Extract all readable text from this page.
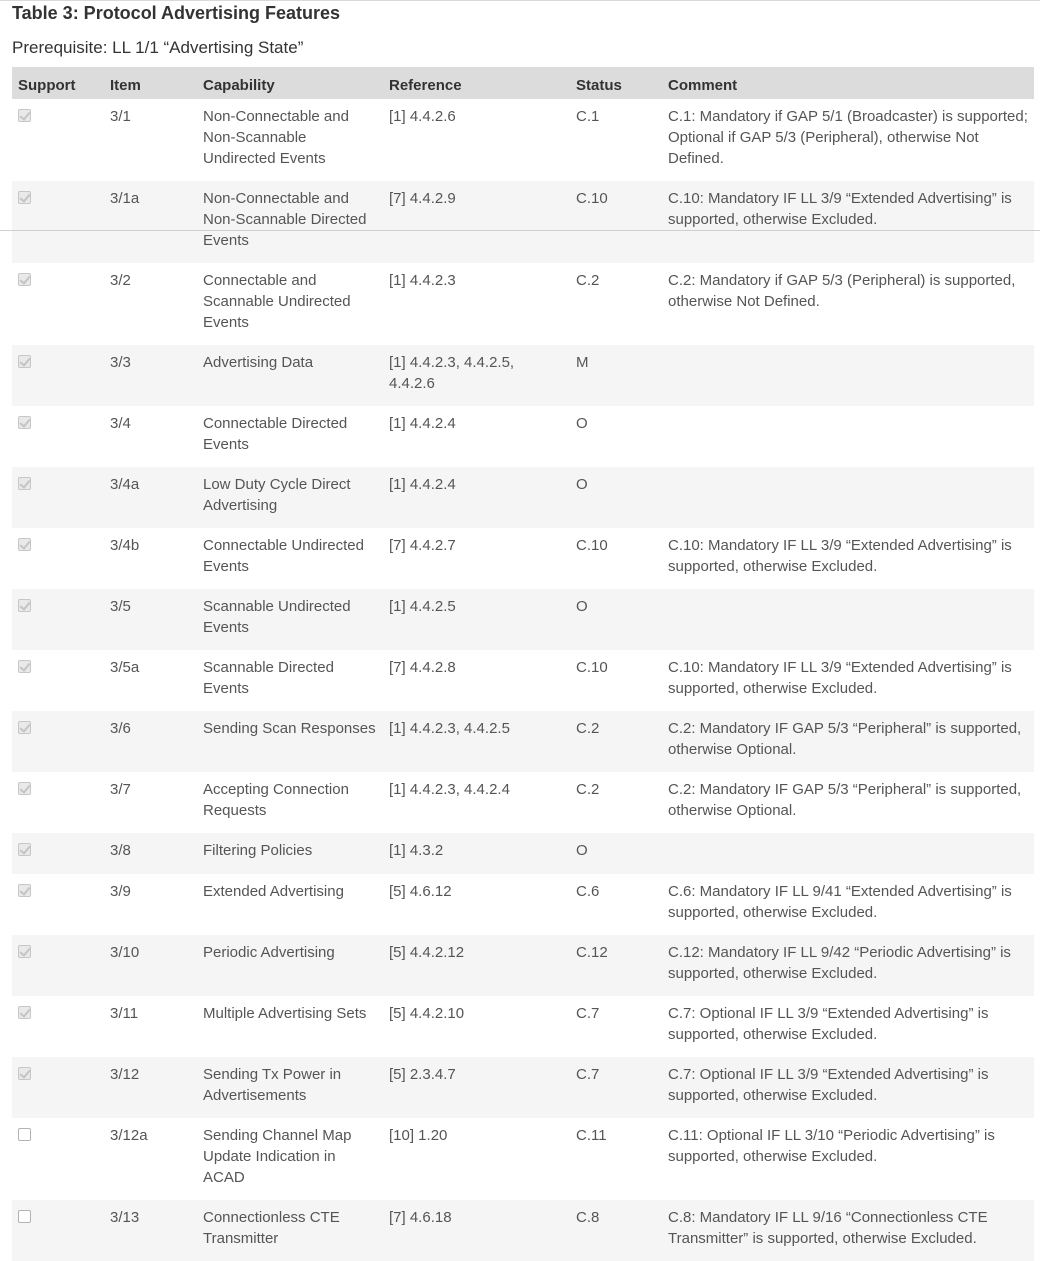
Table 3: Protocol Advertising Features
Prerequisite: LL 1/1 “Advertising State”
Support	Item	Capability	Reference	Status	Comment
	3/1	Non-Connectable and Non-Scannable Undirected Events	[1] 4.4.2.6	C.1	C.1: Mandatory if GAP 5/1 (Broadcaster) is supported; Optional if GAP 5/3 (Peripheral), otherwise Not Defined.
	3/1a	Non-Connectable and Non-Scannable Directed Events	[7] 4.4.2.9	C.10	C.10: Mandatory IF LL 3/9 “Extended Advertising” is supported, otherwise Excluded.
	3/2	Connectable and Scannable Undirected Events	[1] 4.4.2.3	C.2	C.2: Mandatory if GAP 5/3 (Peripheral) is supported, otherwise Not Defined.
	3/3	Advertising Data	[1] 4.4.2.3, 4.4.2.5, 4.4.2.6	M	
	3/4	Connectable Directed Events	[1] 4.4.2.4	O	
	3/4a	Low Duty Cycle Direct Advertising	[1] 4.4.2.4	O	
	3/4b	Connectable Undirected Events	[7] 4.4.2.7	C.10	C.10: Mandatory IF LL 3/9 “Extended Advertising” is supported, otherwise Excluded.
	3/5	Scannable Undirected Events	[1] 4.4.2.5	O	
	3/5a	Scannable Directed Events	[7] 4.4.2.8	C.10	C.10: Mandatory IF LL 3/9 “Extended Advertising” is supported, otherwise Excluded.
	3/6	Sending Scan Responses	[1] 4.4.2.3, 4.4.2.5	C.2	C.2: Mandatory IF GAP 5/3 “Peripheral” is supported, otherwise Optional.
	3/7	Accepting Connection Requests	[1] 4.4.2.3, 4.4.2.4	C.2	C.2: Mandatory IF GAP 5/3 “Peripheral” is supported, otherwise Optional.
	3/8	Filtering Policies	[1] 4.3.2	O	
	3/9	Extended Advertising	[5] 4.6.12	C.6	C.6: Mandatory IF LL 9/41 “Extended Advertising” is supported, otherwise Excluded.
	3/10	Periodic Advertising	[5] 4.4.2.12	C.12	C.12: Mandatory IF LL 9/42 “Periodic Advertising” is supported, otherwise Excluded.
	3/11	Multiple Advertising Sets	[5] 4.4.2.10	C.7	C.7: Optional IF LL 3/9 “Extended Advertising” is supported, otherwise Excluded.
	3/12	Sending Tx Power in Advertisements	[5] 2.3.4.7	C.7	C.7: Optional IF LL 3/9 “Extended Advertising” is supported, otherwise Excluded.
	3/12a	Sending Channel Map Update Indication in ACAD	[10] 1.20	C.11	C.11: Optional IF LL 3/10 “Periodic Advertising” is supported, otherwise Excluded.
	3/13	Connectionless CTE Transmitter	[7] 4.6.18	C.8	C.8: Mandatory IF LL 9/16 “Connectionless CTE Transmitter” is supported, otherwise Excluded.
